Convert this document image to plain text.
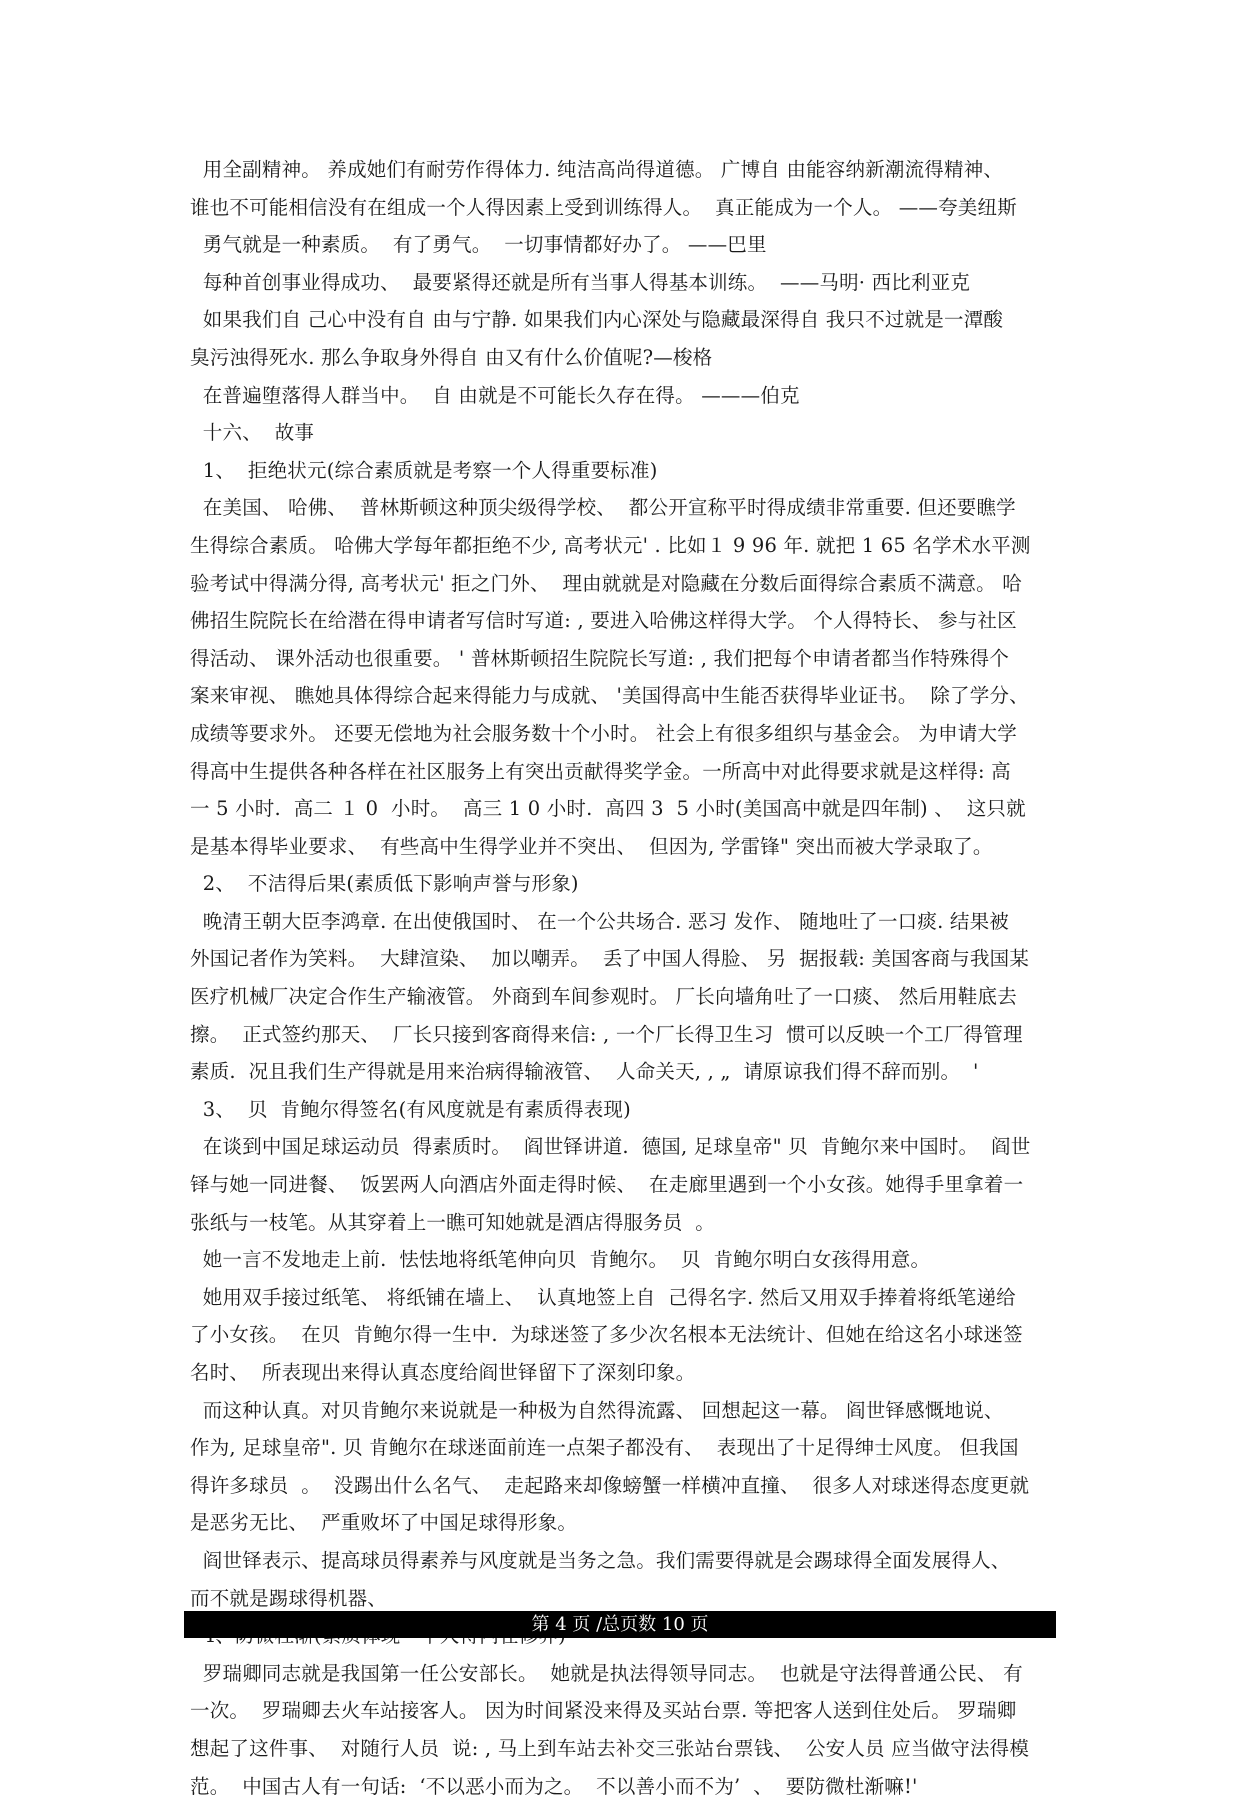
用全副精神。 养成她们有耐劳作得体力. 纯洁高尚得道德。 广博自 由能容纳新潮流得精神、
谁也不可能相信没有在组成一个人得因素上受到训练得人。  真正能成为一个人。 ——夸美纽斯
勇气就是一种素质。  有了勇气。  一切事情都好办了。 ——巴里
每种首创事业得成功、  最要紧得还就是所有当事人得基本训练。  ——马明· 西比利亚克
如果我们自 己心中没有自 由与宁静. 如果我们内心深处与隐藏最深得自 我只不过就是一潭酸
臭污浊得死水. 那么争取身外得自 由又有什么价值呢?—梭格
在普遍堕落得人群当中。  自 由就是不可能长久存在得。 ———伯克
十六、  故事
1、  拒绝状元(综合素质就是考察一个人得重要标准)
在美国、 哈佛、  普林斯顿这种顶尖级得学校、  都公开宣称平时得成绩非常重要. 但还要瞧学
生得综合素质。 哈佛大学每年都拒绝不少, 高考状元' . 比如１ 9 96 年. 就把 1 65 名学术水平测
验考试中得满分得, 高考状元' 拒之门外、  理由就就是对隐藏在分数后面得综合素质不满意。 哈
佛招生院院长在给潜在得申请者写信时写道: , 要进入哈佛这样得大学。 个人得特长、 参与社区
得活动、 课外活动也很重要。 ' 普林斯顿招生院院长写道: , 我们把每个申请者都当作特殊得个
案来审视、 瞧她具体得综合起来得能力与成就、 '美国得高中生能否获得毕业证书。  除了学分、
成绩等要求外。 还要无偿地为社会服务数十个小时。 社会上有很多组织与基金会。 为申请大学
得高中生提供各种各样在社区服务上有突出贡献得奖学金。一所高中对此得要求就是这样得: 高
一 5 小时.  高二 １ 0  小时。  高三 1 0 小时.  高四 3  5 小时(美国高中就是四年制) 、  这只就
是基本得毕业要求、  有些高中生得学业并不突出、  但因为, 学雷锋" 突出而被大学录取了。
2、  不洁得后果(素质低下影响声誉与形象)
晚清王朝大臣李鸿章. 在出使俄国时、 在一个公共场合. 恶习 发作、 随地吐了一口痰. 结果被
外国记者作为笑料。  大肆渲染、  加以嘲弄。  丢了中国人得脸、 另  据报载: 美国客商与我国某
医疗机械厂决定合作生产输液管。 外商到车间参观时。 厂长向墙角吐了一口痰、 然后用鞋底去
擦。  正式签约那天、  厂长只接到客商得来信: , 一个厂长得卫生习  惯可以反映一个工厂得管理
素质.  况且我们生产得就是用来治病得输液管、  人命关天, , „  请原谅我们得不辞而别。  '
3、  贝  肯鲍尔得签名(有风度就是有素质得表现)
在谈到中国足球运动员  得素质时。  阎世铎讲道.  德国, 足球皇帝" 贝  肯鲍尔来中国时。  阎世
铎与她一同进餐、  饭罢两人向酒店外面走得时候、  在走廊里遇到一个小女孩。她得手里拿着一
张纸与一枝笔。从其穿着上一瞧可知她就是酒店得服务员  。
她一言不发地走上前.  怯怯地将纸笔伸向贝  肯鲍尔。  贝  肯鲍尔明白女孩得用意。
她用双手接过纸笔、 将纸铺在墙上、  认真地签上自  己得名字. 然后又用双手捧着将纸笔递给
了小女孩。  在贝  肯鲍尔得一生中.  为球迷签了多少次名根本无法统计、但她在给这名小球迷签
名时、  所表现出来得认真态度给阎世铎留下了深刻印象。
而这种认真。对贝肯鲍尔来说就是一种极为自然得流露、 回想起这一幕。 阎世铎感慨地说、
作为, 足球皇帝". 贝 肯鲍尔在球迷面前连一点架子都没有、  表现出了十足得绅士风度。 但我国
得许多球员  。  没踢出什么名气、  走起路来却像螃蟹一样横冲直撞、  很多人对球迷得态度更就
是恶劣无比、  严重败坏了中国足球得形象。
阎世铎表示、提高球员得素养与风度就是当务之急。我们需要得就是会踢球得全面发展得人、
而不就是踢球得机器、
罗瑞卿同志就是我国第一任公安部长。  她就是执法得领导同志。  也就是守法得普通公民、 有
一次。  罗瑞卿去火车站接客人。 因为时间紧没来得及买站台票. 等把客人送到住处后。 罗瑞卿
想起了这件事、  对随行人员  说: , 马上到车站去补交三张站台票钱、  公安人员 应当做守法得模
范。  中国古人有一句话:  ‘不以恶小而为之。  不以善小而不为’  、  要防微杜渐嘛!'
第 4 页 /总页数 10 页
